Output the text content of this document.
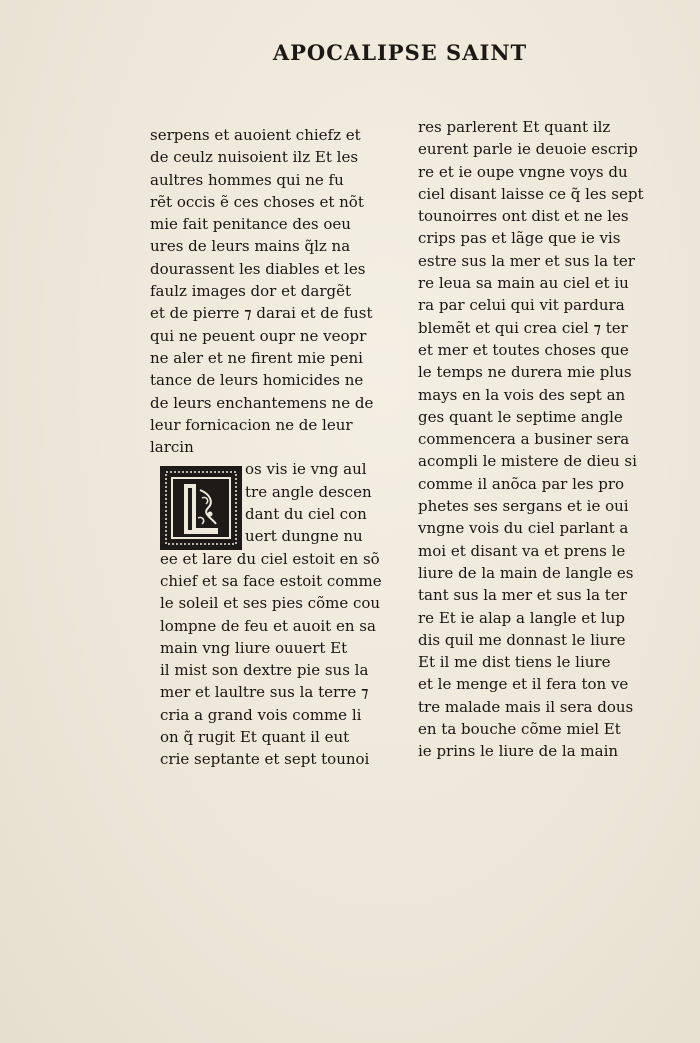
APOCALIPSE SAINT
serpens et auoient chiefz et
de ceulz nuisoient ilz Et les
aultres hommes qui ne fu
rẽt occis ẽ ces choses et nõt
mie fait penitance des oeu
ures de leurs mains q̃lz na
dourassent les diables et les
faulz images dor et dargẽt
et de pierre ⁊ darai et de fust
qui ne peuent oupr ne veopr
ne aler et ne firent mie peni
tance de leurs homicides ne
de leurs enchantemens ne de
leur fornicacion ne de leur
larcin
os vis ie vng aul
tre angle descen
dant du ciel con
uert dungne nu
ee et lare du ciel estoit en sõ
chief et sa face estoit comme
le soleil et ses pies cõme cou
lompne de feu et auoit en sa
main vng liure ouuert Et
il mist son dextre pie sus la
mer et laultre sus la terre ⁊
cria a grand vois comme li
on q̃ rugit Et quant il eut
crie septante et sept tounoi
res parlerent Et quant ilz
eurent parle ie deuoie escrip
re et ie oupe vngne voys du
ciel disant laisse ce q̃ les sept
tounoirres ont dist et ne les
crips pas et lãge que ie vis
estre sus la mer et sus la ter
re leua sa main au ciel et iu
ra par celui qui vit pardura
blemẽt et qui crea ciel ⁊ ter
et mer et toutes choses que
le temps ne durera mie plus
mays en la vois des sept an
ges quant le septime angle
commencera a businer sera
acompli le mistere de dieu si
comme il anõca par les pro
phetes ses sergans et ie oui
vngne vois du ciel parlant a
moi et disant va et prens le
liure de la main de langle es
tant sus la mer et sus la ter
re Et ie alap a langle et lup
dis quil me donnast le liure
Et il me dist tiens le liure
et le menge et il fera ton ve
tre malade mais il sera dous
en ta bouche cõme miel Et
ie prins le liure de la main
